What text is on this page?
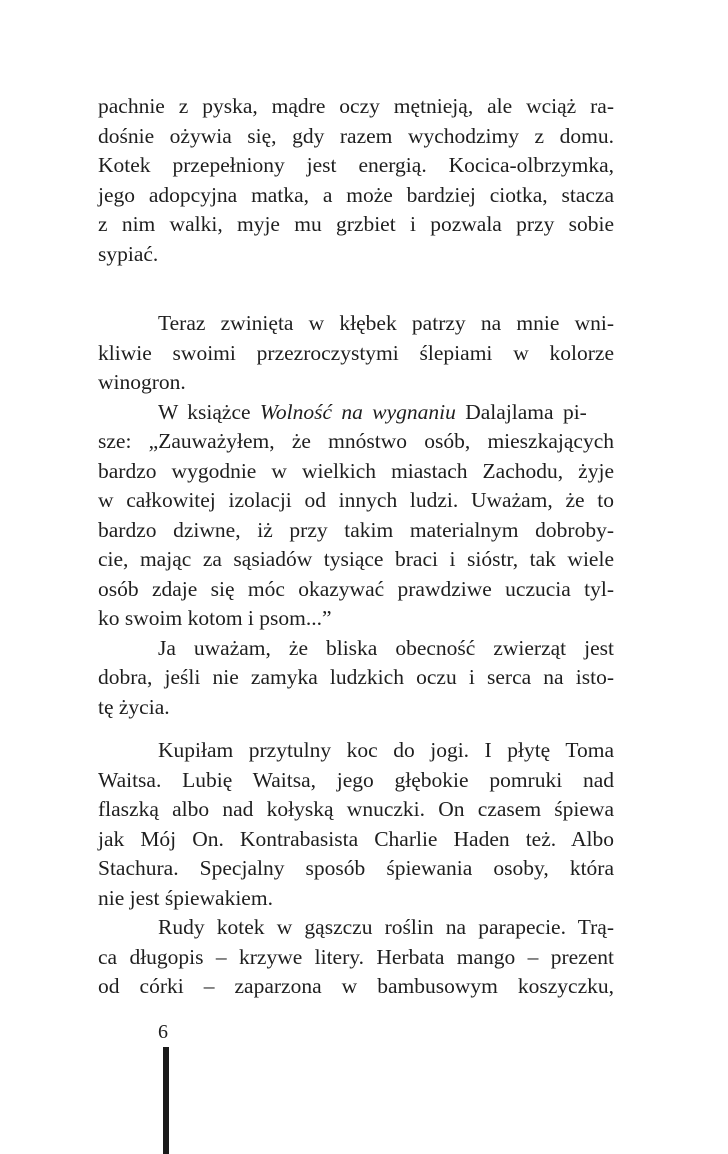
pachnie z pyska, mądre oczy mętnieją, ale wciąż ra-
dośnie ożywia się, gdy razem wychodzimy z domu.
Kotek przepełniony jest energią. Kocica-olbrzymka,
jego adopcyjna matka, a może bardziej ciotka, stacza
z nim walki, myje mu grzbiet i pozwala przy sobie
sypiać.
Teraz zwinięta w kłębek patrzy na mnie wni-
kliwie swoimi przezroczystymi ślepiami w kolorze
winogron.
W książce Wolność na wygnaniu Dalajlama pi-
sze: „Zauważyłem, że mnóstwo osób, mieszkających
bardzo wygodnie w wielkich miastach Zachodu, żyje
w całkowitej izolacji od innych ludzi. Uważam, że to
bardzo dziwne, iż przy takim materialnym dobroby-
cie, mając za sąsiadów tysiące braci i sióstr, tak wiele
osób zdaje się móc okazywać prawdziwe uczucia tyl-
ko swoim kotom i psom...”
Ja uważam, że bliska obecność zwierząt jest
dobra, jeśli nie zamyka ludzkich oczu i serca na isto-
tę życia.
Kupiłam przytulny koc do jogi. I płytę Toma
Waitsa. Lubię Waitsa, jego głębokie pomruki nad
flaszką albo nad kołyską wnuczki. On czasem śpiewa
jak Mój On. Kontrabasista Charlie Haden też. Albo
Stachura. Specjalny sposób śpiewania osoby, która
nie jest śpiewakiem.
Rudy kotek w gąszczu roślin na parapecie. Trą-
ca długopis – krzywe litery. Herbata mango – prezent
od córki – zaparzona w bambusowym koszyczku,
6
